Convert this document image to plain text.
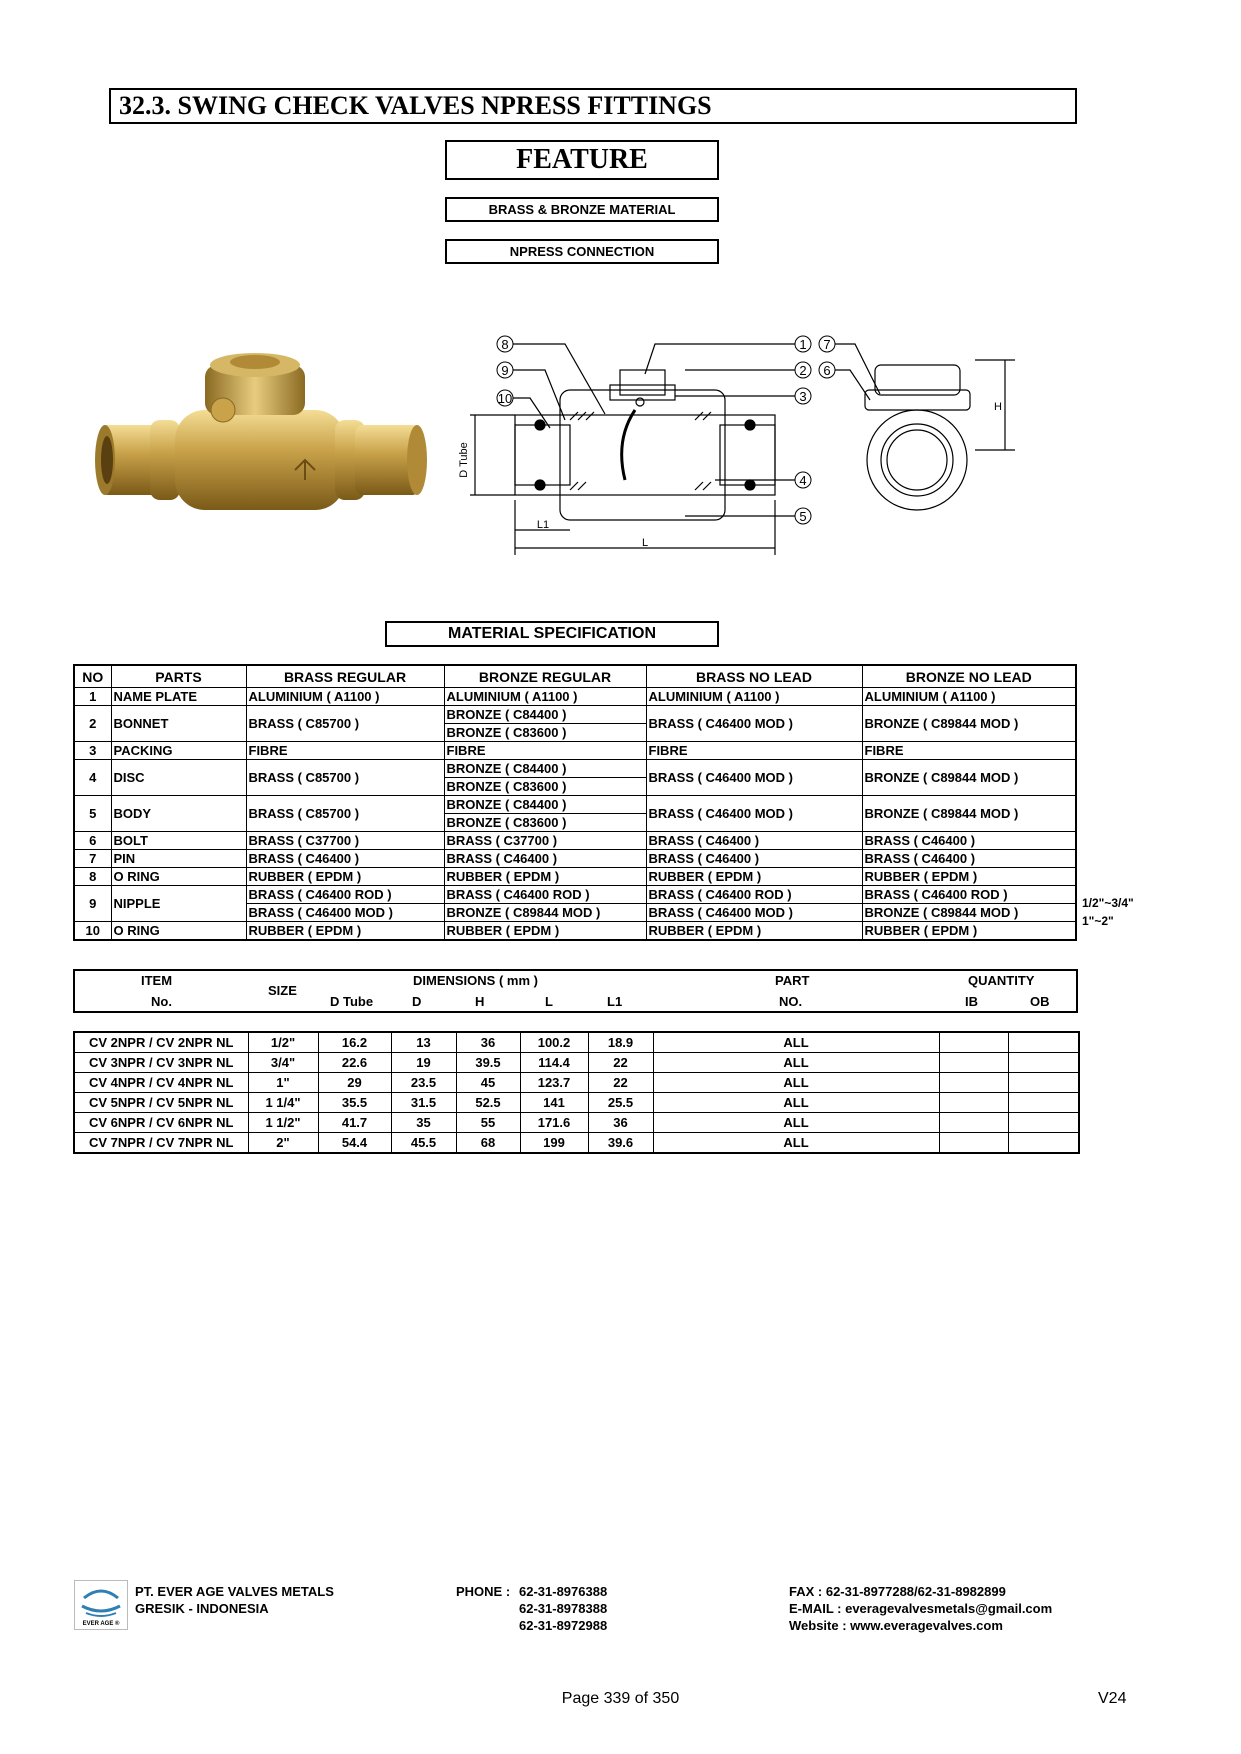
32.3. SWING CHECK VALVES NPRESS FITTINGS
FEATURE
BRASS & BRONZE MATERIAL
NPRESS CONNECTION
8
9
10
1
2
3
4
5
7
6
D Tube
L1
L
H
MATERIAL SPECIFICATION
NO	PARTS	BRASS REGULAR	BRONZE REGULAR	BRASS NO LEAD	BRONZE NO LEAD
1	NAME PLATE	ALUMINIUM ( A1100 )	ALUMINIUM ( A1100 )	ALUMINIUM ( A1100 )	ALUMINIUM ( A1100 )
2	BONNET	BRASS ( C85700 )	BRONZE ( C84400 )	BRASS ( C46400 MOD )	BRONZE ( C89844 MOD )
			BRONZE ( C83600 )		
3	PACKING	FIBRE	FIBRE	FIBRE	FIBRE
4	DISC	BRASS ( C85700 )	BRONZE ( C84400 )	BRASS ( C46400 MOD )	BRONZE ( C89844 MOD )
			BRONZE ( C83600 )		
5	BODY	BRASS ( C85700 )	BRONZE ( C84400 )	BRASS ( C46400 MOD )	BRONZE ( C89844 MOD )
			BRONZE ( C83600 )		
6	BOLT	BRASS ( C37700 )	BRASS ( C37700 )	BRASS ( C46400 )	BRASS ( C46400 )
7	PIN	BRASS ( C46400 )	BRASS ( C46400 )	BRASS ( C46400 )	BRASS ( C46400 )
8	O RING	RUBBER ( EPDM )	RUBBER ( EPDM )	RUBBER ( EPDM )	RUBBER ( EPDM )
9	NIPPLE	BRASS ( C46400 ROD )	BRASS ( C46400 ROD )	BRASS ( C46400 ROD )	BRASS ( C46400 ROD )
		BRASS ( C46400 MOD )	BRONZE ( C89844 MOD )	BRASS ( C46400 MOD )	BRONZE ( C89844 MOD )
10	O RING	RUBBER ( EPDM )	RUBBER ( EPDM )	RUBBER ( EPDM )	RUBBER ( EPDM )
1/2"~3/4"
1"~2"
ITEM
No.
SIZE
DIMENSIONS ( mm )
D Tube	D	H	L	L1
PART
NO.
QUANTITY
IB	OB
CV 2NPR / CV 2NPR NL	1/2"	16.2	13	36	100.2	18.9	ALL		
CV 3NPR / CV 3NPR NL	3/4"	22.6	19	39.5	114.4	22	ALL		
CV 4NPR / CV 4NPR NL	1"	29	23.5	45	123.7	22	ALL		
CV 5NPR / CV 5NPR NL	1 1/4"	35.5	31.5	52.5	141	25.5	ALL		
CV 6NPR / CV 6NPR NL	1 1/2"	41.7	35	55	171.6	36	ALL		
CV 7NPR / CV 7NPR NL	2"	54.4	45.5	68	199	39.6	ALL		
EVER AGE ®
PT. EVER AGE VALVES METALS
GRESIK - INDONESIA
PHONE : 62-31-8976388
62-31-8978388
62-31-8972988
FAX : 62-31-8977288/62-31-8982899
E-MAIL : everagevalvesmetals@gmail.com
Website : www.everagevalves.com
Page 339 of 350	V24
